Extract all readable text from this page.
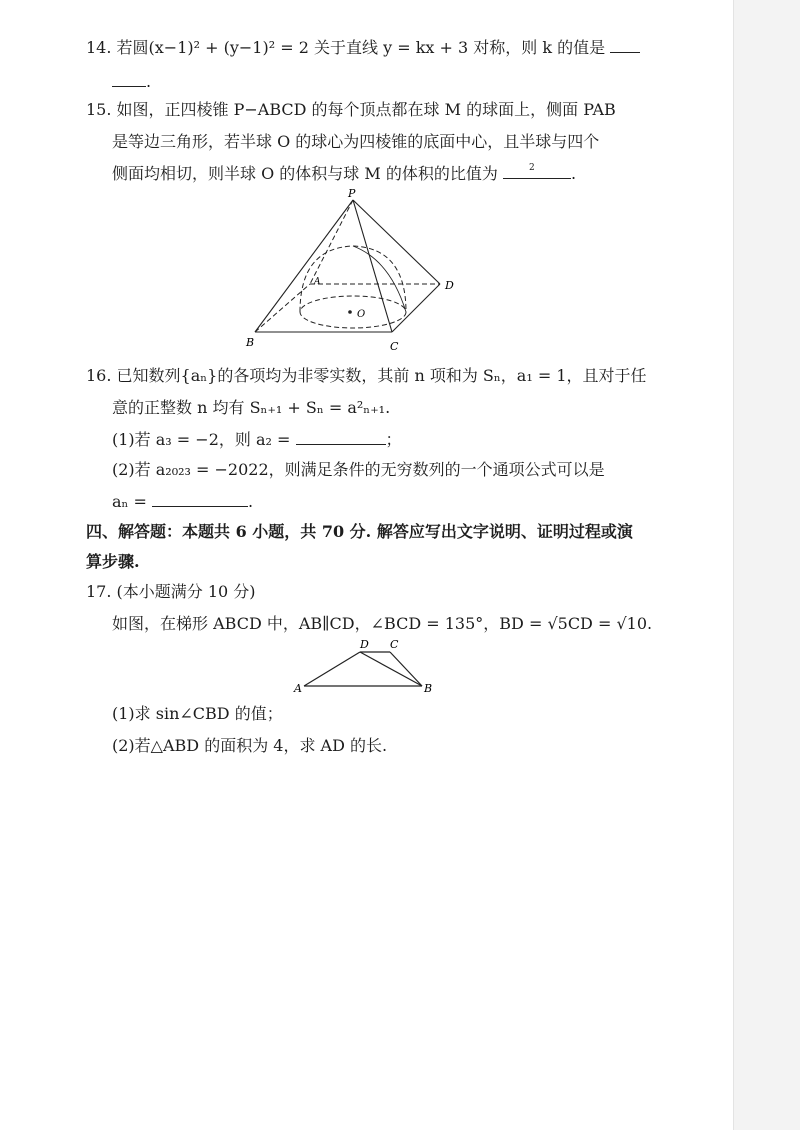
14. 若圆(x−1)² + (y−1)² = 2 关于直线 y = kx + 3 对称，则 k 的值是
.
15. 如图，正四棱锥 P−ABCD 的每个顶点都在球 M 的球面上，侧面 PAB
是等边三角形，若半球 O 的球心为四棱锥的底面中心，且半球与四个
侧面均相切，则半球 O 的体积与球 M 的体积的比值为	2 .
P
A
B	C
D
O
16. 已知数列{aₙ}的各项均为非零实数，其前 n 项和为 Sₙ，a₁ = 1，且对于任
意的正整数 n 均有 Sₙ₊₁ + Sₙ = a²ₙ₊₁.
(1)若 a₃ = −2，则 a₂ =	；
(2)若 a₂₀₂₃ = −2022，则满足条件的无穷数列的一个通项公式可以是
aₙ =	.
四、解答题：本题共 6 小题，共 70 分. 解答应写出文字说明、证明过程或演
算步骤.
17. (本小题满分 10 分)
如图，在梯形 ABCD 中，AB∥CD，∠BCD = 135°，BD = √5CD = √10.
A	B
C
D
(1)求 sin∠CBD 的值；
(2)若△ABD 的面积为 4，求 AD 的长.
